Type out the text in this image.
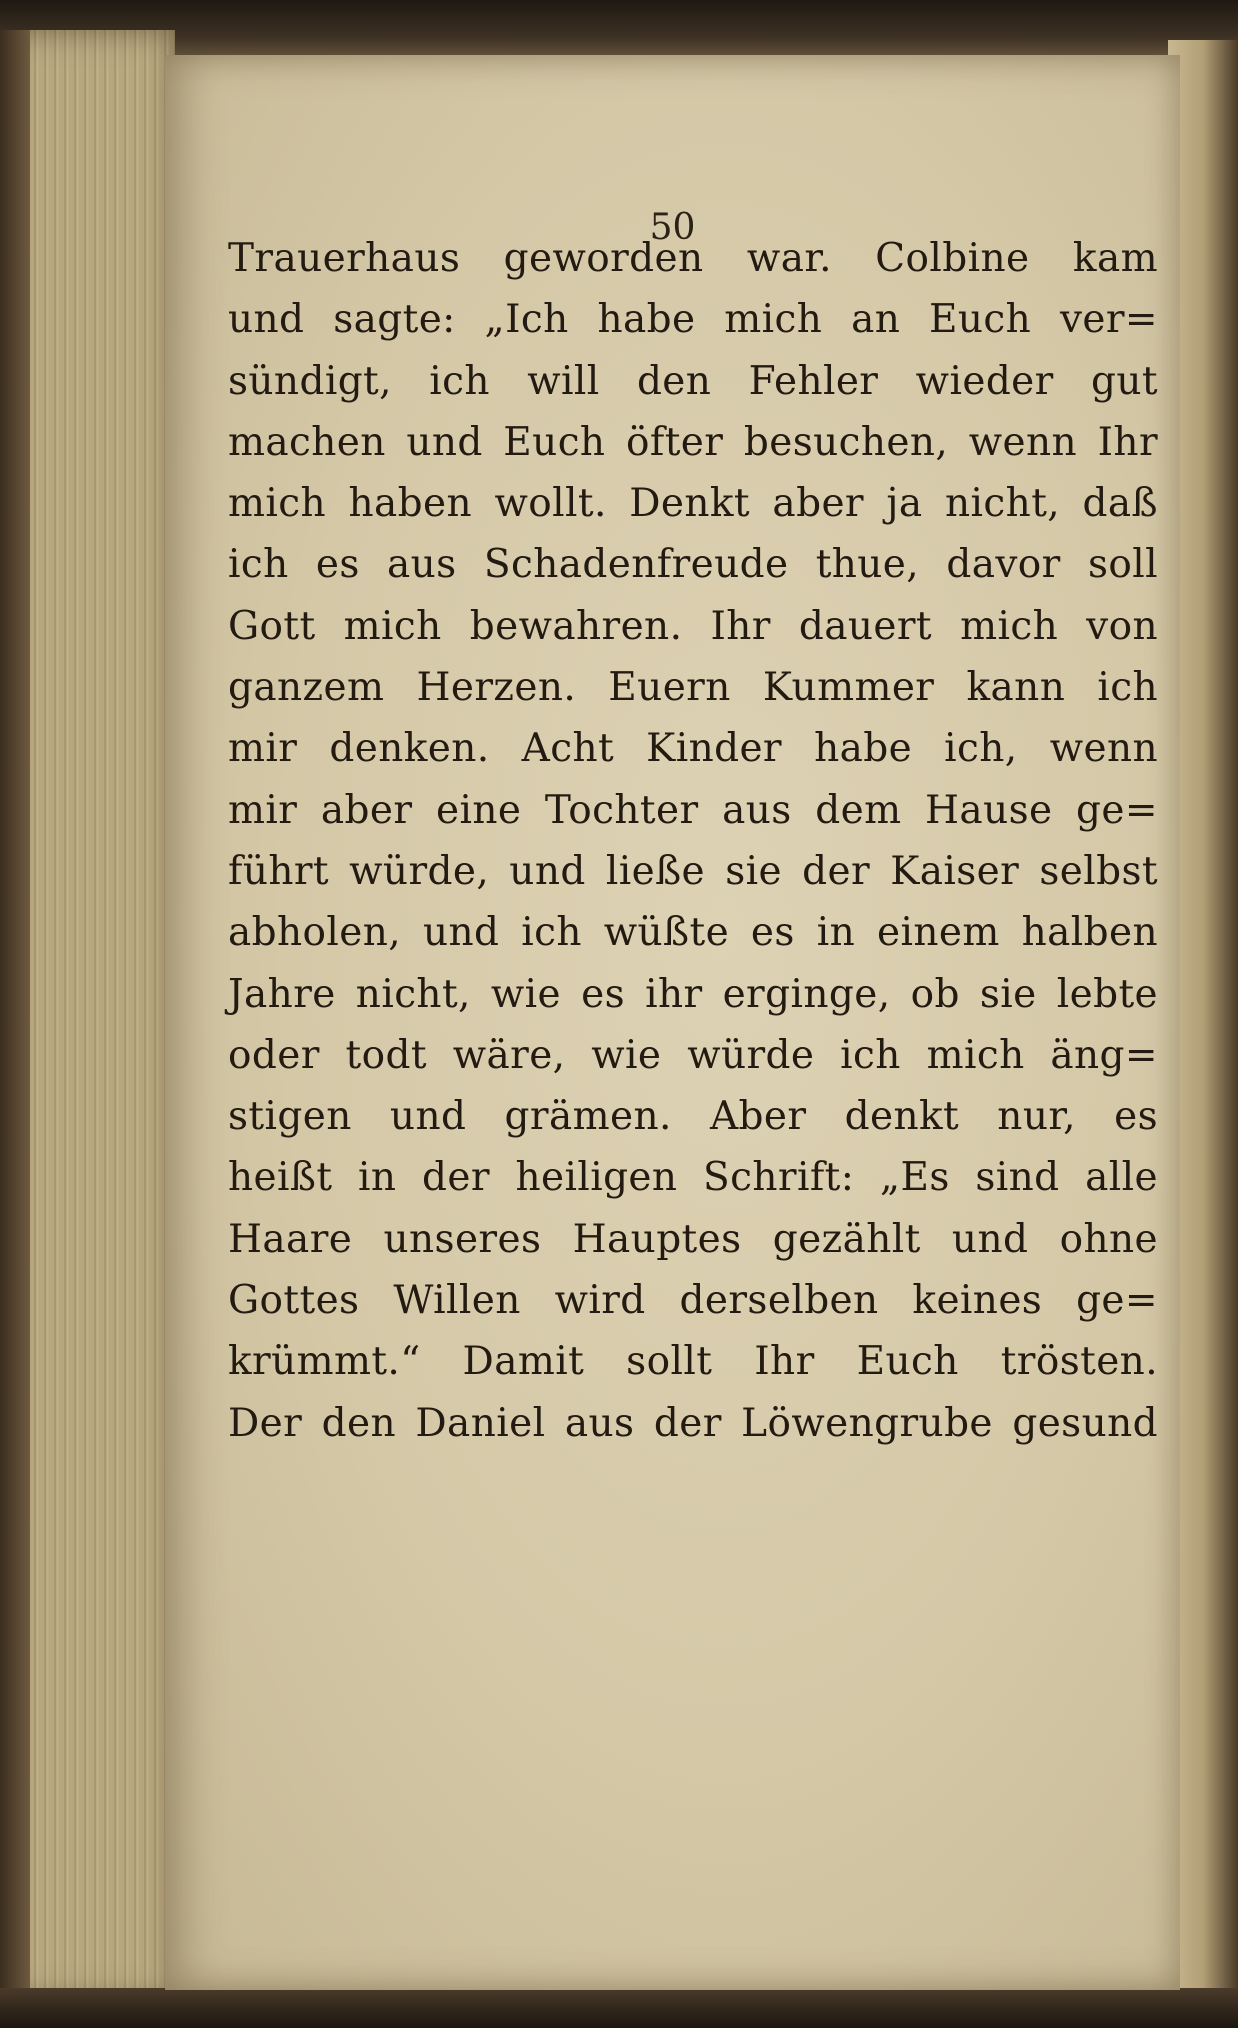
50
Trauerhaus geworden war. Colbine kam
und sagte: „Ich habe mich an Euch ver=
sündigt, ich will den Fehler wieder gut
machen und Euch öfter besuchen, wenn Ihr
mich haben wollt. Denkt aber ja nicht, daß
ich es aus Schadenfreude thue, davor soll
Gott mich bewahren. Ihr dauert mich von
ganzem Herzen. Euern Kummer kann ich
mir denken. Acht Kinder habe ich, wenn
mir aber eine Tochter aus dem Hause ge=
führt würde, und ließe sie der Kaiser selbst
abholen, und ich wüßte es in einem halben
Jahre nicht, wie es ihr erginge, ob sie lebte
oder todt wäre, wie würde ich mich äng=
stigen und grämen. Aber denkt nur, es
heißt in der heiligen Schrift: „Es sind alle
Haare unseres Hauptes gezählt und ohne
Gottes Willen wird derselben keines ge=
krümmt.“ Damit sollt Ihr Euch trösten.
Der den Daniel aus der Löwengrube gesund
